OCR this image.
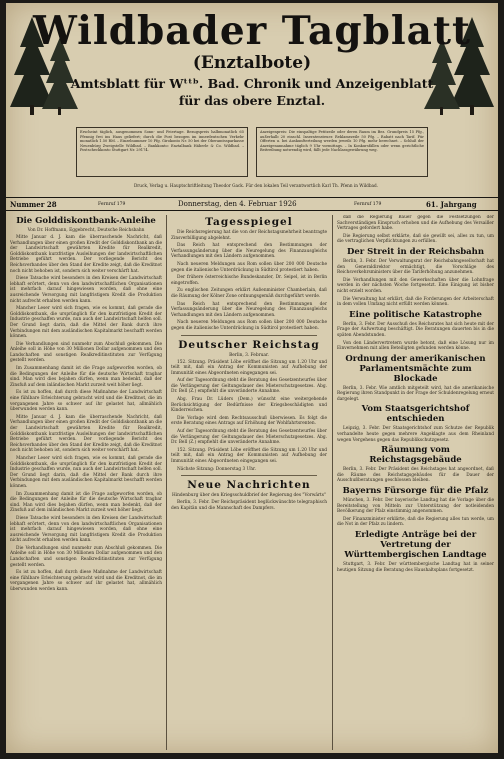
Wildbader Tagblatt
(Enztalbote)
Amtsblatt für Wᵗᵗᵇ. Bad. Chronik und Anzeigenblatt
für das obere Enztal.
Erscheint täglich, ausgenommen Sonn- und Feiertage. Bezugspreis halbmonatlich 65 Pfennig frei ins Haus geliefert; durch die Post bezogen im innerdeutschen Verkehr monatlich 1.50 RM. – Einzelnummer 10 Pfg. Girokonto Nr. 50 bei der Oberamtssparkasse Neuenbürg Zweigstelle Wildbad. – Bankkonto: Enztalbank Häberle & Co. Wildbad. – Postscheckkonto Stuttgart Nr. 29174.
Anzeigenpreis: Die einspaltige Petitzeile oder deren Raum im Bez. Grundpreis 15 Pfg., außerhalb 20 einschl. Inseratensteuer. Reklamezeile 50 Pfg. – Rabatt nach Tarif. Für Offerten u. bei Auskunfterteilung werden jeweils 10 Pfg. mehr berechnet. – Schluß der Anzeigenannahme täglich 9 Uhr vormittags. – In Konkursfällen oder wenn gerichtliche Beitreibung notwendig wird, fällt jede Nachlassgewährung weg.
Druck, Verlag u. Hauptschriftleitung Theodor Gack. Für den lokalen Teil verantwortlich Karl Th. Pfenn in Wildbad.
Nummer 28	Fernruf 179	Donnerstag, den 4. Februar 1926	Fernruf 179	61. Jahrgang
Die Golddiskontbank-Anleihe
Von Dr. Hoffmann, Eggebrecht, Deutsche Reichsbahn

Mitte Januar d. J. kam die überraschende Nachricht, daß Verhandlungen über einen großen Kredit der Golddiskontbank an die der Landwirtschaft gewährten Kredite für Realkredit, Golddiskontbank kurzfristige Ausleihungen der landwirtschaftlichen Betriebe geführt werden. Der vorliegende Bericht des Reichsverbandes über den Stand der Kredite zeigt, daß die Kreditnot noch nicht behoben ist, sondern sich weiter verschärft hat.

Diese Tatsache wird besonders in den Kreisen der Landwirtschaft lebhaft erörtert, denn von den landwirtschaftlichen Organisationen ist mehrfach darauf hingewiesen worden, daß ohne eine ausreichende Versorgung mit langfristigem Kredit die Produktion nicht aufrecht erhalten werden kann.

Mancher Leser wird sich fragen, wie es kommt, daß gerade die Golddiskontbank, die ursprünglich für den kurzfristigen Kredit der Industrie geschaffen wurde, nun auch der Landwirtschaft helfen soll. Der Grund liegt darin, daß die Mittel der Bank durch ihre Verbindungen mit dem ausländischen Kapitalmarkt beschafft werden können.

Die Verhandlungen sind nunmehr zum Abschluß gekommen. Die Anleihe soll in Höhe von 30 Millionen Dollar aufgenommen und den Landschaften und sonstigen Realkreditinstituten zur Verfügung gestellt werden.

Im Zusammenhang damit ist die Frage aufgeworfen worden, ob die Bedingungen der Anleihe für die deutsche Wirtschaft tragbar sind. Man wird dies bejahen dürfen, wenn man bedenkt, daß der Zinsfuß auf dem inländischen Markt zurzeit weit höher liegt.

Es ist zu hoffen, daß durch diese Maßnahme der Landwirtschaft eine fühlbare Erleichterung gebracht wird und die Kreditnot, die im vergangenen Jahre so schwer auf ihr gelastet hat, allmählich überwunden werden kann.

Mitte Januar d. J. kam die überraschende Nachricht, daß Verhandlungen über einen großen Kredit der Golddiskontbank an die der Landwirtschaft gewährten Kredite für Realkredit, Golddiskontbank kurzfristige Ausleihungen der landwirtschaftlichen Betriebe geführt werden. Der vorliegende Bericht des Reichsverbandes über den Stand der Kredite zeigt, daß die Kreditnot noch nicht behoben ist, sondern sich weiter verschärft hat.

Mancher Leser wird sich fragen, wie es kommt, daß gerade die Golddiskontbank, die ursprünglich für den kurzfristigen Kredit der Industrie geschaffen wurde, nun auch der Landwirtschaft helfen soll. Der Grund liegt darin, daß die Mittel der Bank durch ihre Verbindungen mit dem ausländischen Kapitalmarkt beschafft werden können.

Im Zusammenhang damit ist die Frage aufgeworfen worden, ob die Bedingungen der Anleihe für die deutsche Wirtschaft tragbar sind. Man wird dies bejahen dürfen, wenn man bedenkt, daß der Zinsfuß auf dem inländischen Markt zurzeit weit höher liegt.

Diese Tatsache wird besonders in den Kreisen der Landwirtschaft lebhaft erörtert, denn von den landwirtschaftlichen Organisationen ist mehrfach darauf hingewiesen worden, daß ohne eine ausreichende Versorgung mit langfristigem Kredit die Produktion nicht aufrecht erhalten werden kann.

Die Verhandlungen sind nunmehr zum Abschluß gekommen. Die Anleihe soll in Höhe von 30 Millionen Dollar aufgenommen und den Landschaften und sonstigen Realkreditinstituten zur Verfügung gestellt werden.

Es ist zu hoffen, daß durch diese Maßnahme der Landwirtschaft eine fühlbare Erleichterung gebracht wird und die Kreditnot, die im vergangenen Jahre so schwer auf ihr gelastet hat, allmählich überwunden werden kann.

Tagesspiegel

Die Reichsregierung hat die von der Reichstagsmehrheit beantragte Zinsverbilligung abgelehnt.

Das Reich hat entsprechend den Bestimmungen der Verfassungsänderung über die Neuregelung des Finanzausgleichs Verhandlungen mit den Ländern aufgenommen.

Nach neueren Meldungen aus Rom sollen über 200 000 Deutsche gegen die italienische Unterdrückung in Südtirol protestiert haben.

Der frühere österreichische Bundeskanzler, Dr. Seipel, ist in Berlin eingetroffen.

Zu englischen Zeitungen erklärt Außenminister Chamberlain, daß die Räumung der Kölner Zone ordnungsgemäß durchgeführt werde.

Das Reich hat entsprechend den Bestimmungen der Verfassungsänderung über die Neuregelung des Finanzausgleichs Verhandlungen mit den Ländern aufgenommen.

Nach neueren Meldungen aus Rom sollen über 200 000 Deutsche gegen die italienische Unterdrückung in Südtirol protestiert haben.

Deutscher Reichstag
Berlin, 3. Februar.

152. Sitzung. Präsident Löbe eröffnet die Sitzung um 1.20 Uhr und teilt mit, daß ein Antrag der Kommunisten auf Aufhebung der Immunität eines Abgeordneten eingegangen sei.

Auf der Tagesordnung steht die Beratung des Gesetzentwurfes über die Verlängerung der Geltungsdauer des Mieterschutzgesetzes. Abg. Dr. Bell (Z.) empfiehlt die unveränderte Annahme.

Abg. Frau Dr. Lüders (Dem.) wünscht eine weitergehende Berücksichtigung der Bedürfnisse der Kriegsbeschädigten und Kinderreichen.

Die Vorlage wird dem Rechtsausschuß überwiesen. Es folgt die erste Beratung eines Antrags auf Erhöhung der Wohlfahrtsrenten.

Auf der Tagesordnung steht die Beratung des Gesetzentwurfes über die Verlängerung der Geltungsdauer des Mieterschutzgesetzes. Abg. Dr. Bell (Z.) empfiehlt die unveränderte Annahme.

152. Sitzung. Präsident Löbe eröffnet die Sitzung um 1.20 Uhr und teilt mit, daß ein Antrag der Kommunisten auf Aufhebung der Immunität eines Abgeordneten eingegangen sei.

Nächste Sitzung: Donnerstag 3 Uhr.

Neue Nachrichten
Hindenburg über den Kriegsschuldbrief der Regierung des "Vorwärts"

Berlin, 3. Febr. Der Reichspräsident beglückwünschte telegraphisch den Kapitän und die Mannschaft des Dampfers.

daß die Regierung Bauer gegen die Festsetzungen der Sachverständigen Einspruch erhoben und die Aufhebung des Versailler Vertrages gefordert habe.

Die Regierung selbst erklärte, daß sie gewillt sei, alles zu tun, um die vertraglichen Verpflichtungen zu erfüllen.

Der Streit in der Reichsbahn

Berlin, 3. Febr. Der Verwaltungsrat der Reichsbahngesellschaft hat den Generaldirektor ermächtigt, die Vorschläge des Reichsverkehrsministers über die Tariferhöhung anzunehmen.

Die Verhandlungen mit den Gewerkschaften über die Lohnfrage werden in der nächsten Woche fortgesetzt. Eine Einigung ist bisher nicht erzielt worden.

Die Verwaltung hat erklärt, daß die Forderungen der Arbeiterschaft in dem vollen Umfang nicht erfüllt werden können.

Eine politische Katastrophe

Berlin, 3. Febr. Der Ausschuß des Reichsrates hat sich heute mit der Frage der Aufwertung beschäftigt. Die Beratungen dauerten bis in die späten Abendstunden.

Von den Ländervertretern wurde betont, daß eine Lösung nur im Einvernehmen mit allen Beteiligten gefunden werden könne.

Ordnung der amerikanischen Parlamentsmächte zum Blockade

Berlin, 3. Febr. Wie amtlich mitgeteilt wird, hat die amerikanische Regierung ihren Standpunkt in der Frage der Schuldenregelung erneut dargelegt.

Vom Staatsgerichtshof entschieden

Leipzig, 3. Febr. Der Staatsgerichtshof zum Schutze der Republik verhandelte heute gegen mehrere Angeklagte aus dem Rheinland wegen Vergehens gegen das Republikschutzgesetz.

Räumung vom Reichstagsgebäude

Berlin, 3. Febr. Der Präsident des Reichstages hat angeordnet, daß die Räume des Reichstagsgebäudes für die Dauer der Ausschußberatungen geschlossen bleiben.

Bayerns Fürsorge für die Pfalz

München, 3. Febr. Der bayerische Landtag hat die Vorlage über die Bereitstellung von Mitteln zur Unterstützung der notleidenden Bevölkerung der Pfalz einstimmig angenommen.

Der Finanzminister erklärte, daß die Regierung alles tun werde, um die Not in der Pfalz zu lindern.

Erledigte Anträge bei der Vertretung der Württembergischen Landtage

Stuttgart, 3. Febr. Der württembergische Landtag hat in seiner heutigen Sitzung die Beratung des Haushaltsplans fortgesetzt.
